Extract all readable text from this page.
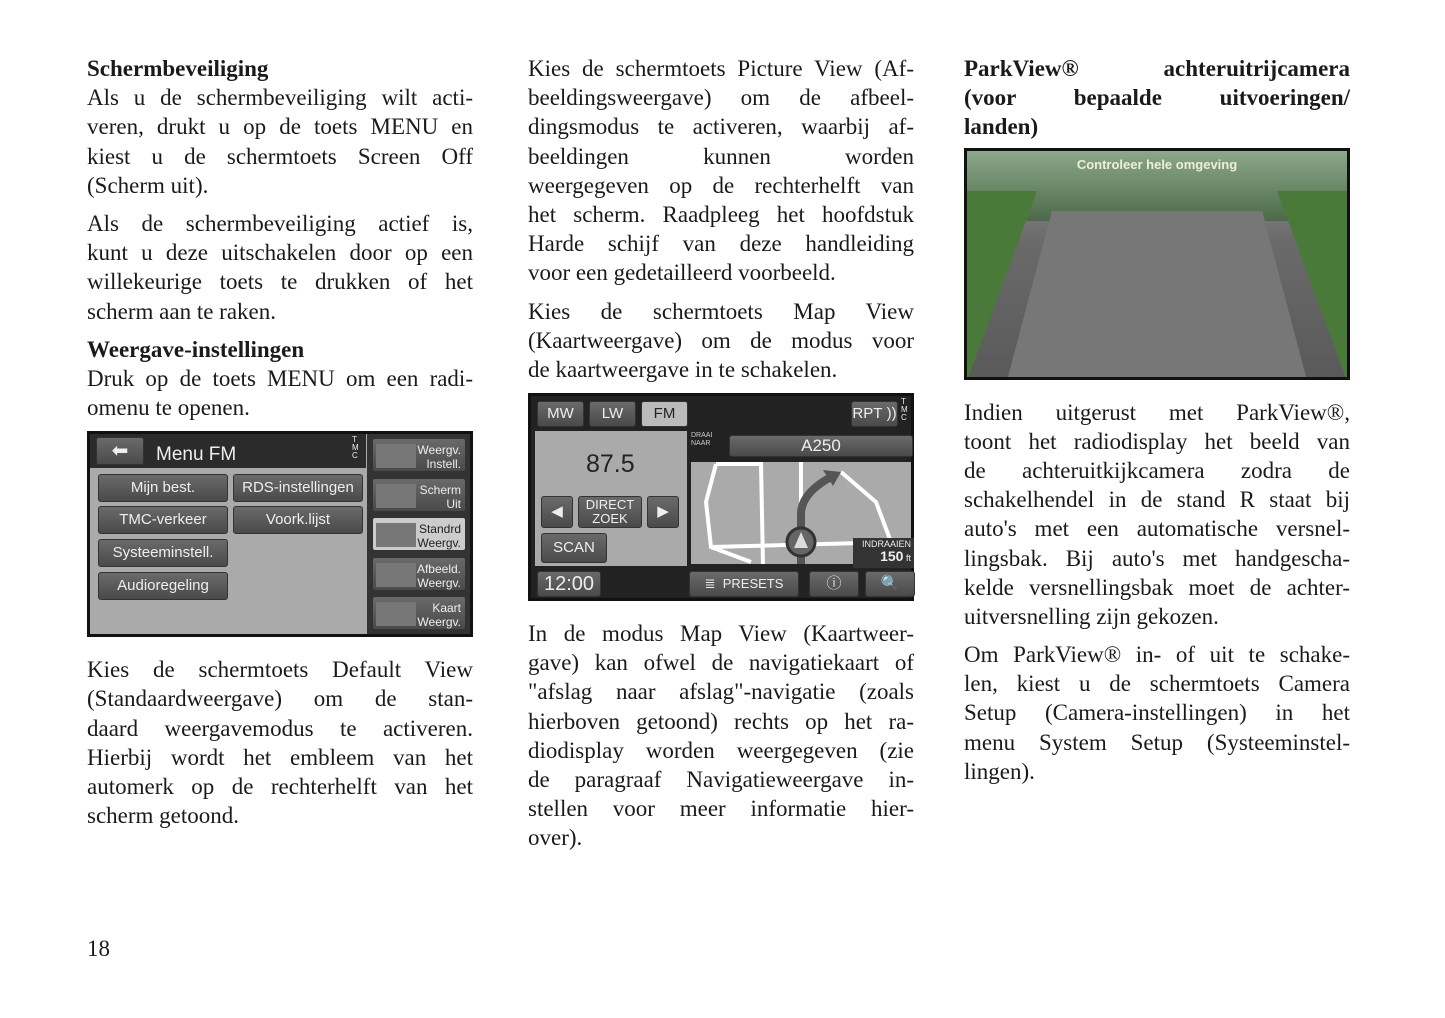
Schermbeveiliging
Als u de schermbeveiliging wilt acti-
veren, drukt u op de toets MENU en
kiest u de schermtoets Screen Off
(Scherm uit).
Als de schermbeveiliging actief is,
kunt u deze uitschakelen door op een
willekeurige toets te drukken of het
scherm aan te raken.
Weergave-instellingen
Druk op de toets MENU om een radi-
omenu te openen.
⬅	Menu FM
TMC
Mijn best.	RDS-instellingen
TMC-verkeer	Voork.lijst
Systeeminstell.
Audioregeling
Weergv.
Instell.
Scherm
Uit
Standrd
Weergv.
Afbeeld.
Weergv.
Kaart
Weergv.
Kies de schermtoets Default View
(Standaardweergave) om de stan-
daard weergavemodus te activeren.
Hierbij wordt het embleem van het
automerk op de rechterhelft van het
scherm getoond.
Kies de schermtoets Picture View (Af-
beeldingsweergave) om de afbeel-
dingsmodus te activeren, waarbij af-
beeldingen kunnen worden
weergegeven op de rechterhelft van
het scherm. Raadpleeg het hoofdstuk
Harde schijf van deze handleiding
voor een gedetailleerd voorbeeld.
Kies de schermtoets Map View
(Kaartweergave) om de modus voor
de kaartweergave in te schakelen.
MW	LW	FM	RPT ))
TMC
87.5
◀	DIRECT
ZOEK	▶
SCAN
DRAAI
NAAR	A250
INDRAAIEN
150 ft
12:00	≣ PRESETS	ⓘ	🔍
In de modus Map View (Kaartweer-
gave) kan ofwel de navigatiekaart of
"afslag naar afslag"-navigatie (zoals
hierboven getoond) rechts op het ra-
diodisplay worden weergegeven (zie
de paragraaf Navigatieweergave in-
stellen voor meer informatie hier-
over).
ParkView® achteruitrijcamera
(voor bepaalde uitvoeringen/
landen)
Controleer hele omgeving
Indien uitgerust met ParkView®,
toont het radiodisplay het beeld van
de achteruitkijkcamera zodra de
schakelhendel in de stand R staat bij
auto's met een automatische versnel-
lingsbak. Bij auto's met handgescha-
kelde versnellingsbak moet de achter-
uitversnelling zijn gekozen.
Om ParkView® in- of uit te schake-
len, kiest u de schermtoets Camera
Setup (Camera-instellingen) in het
menu System Setup (Systeeminstel-
lingen).
18
